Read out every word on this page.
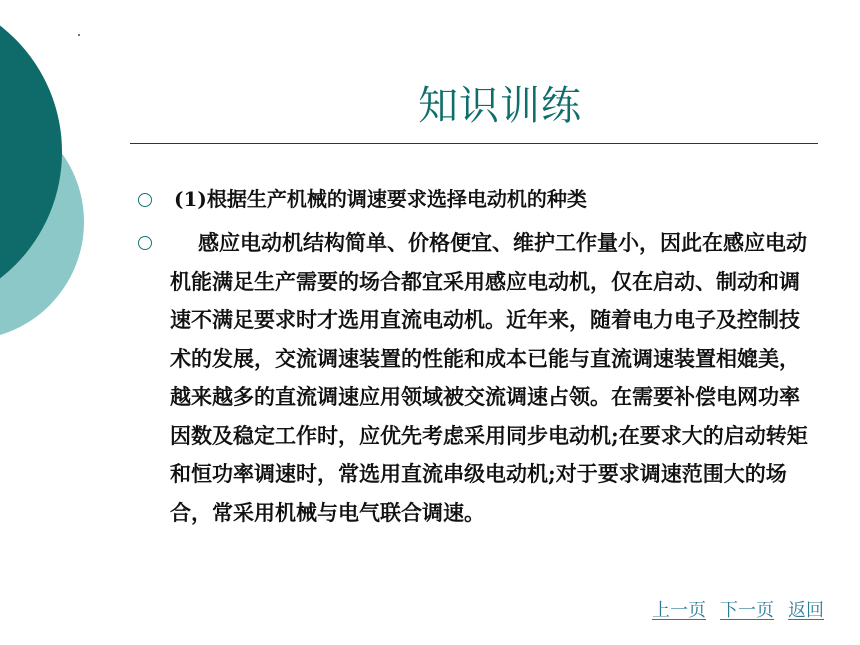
知识训练
(1)根据生产机械的调速要求选择电动机的种类
感应电动机结构简单、价格便宜、维护工作量小，因此在感应电动机能满足生产需要的场合都宜采用感应电动机，仅在启动、制动和调速不满足要求时才选用直流电动机。近年来，随着电力电子及控制技术的发展，交流调速装置的性能和成本已能与直流调速装置相媲美，越来越多的直流调速应用领域被交流调速占领。在需要补偿电网功率因数及稳定工作时，应优先考虑采用同步电动机;在要求大的启动转矩和恒功率调速时，常选用直流串级电动机;对于要求调速范围大的场合，常采用机械与电气联合调速。
上一页 下一页 返回
